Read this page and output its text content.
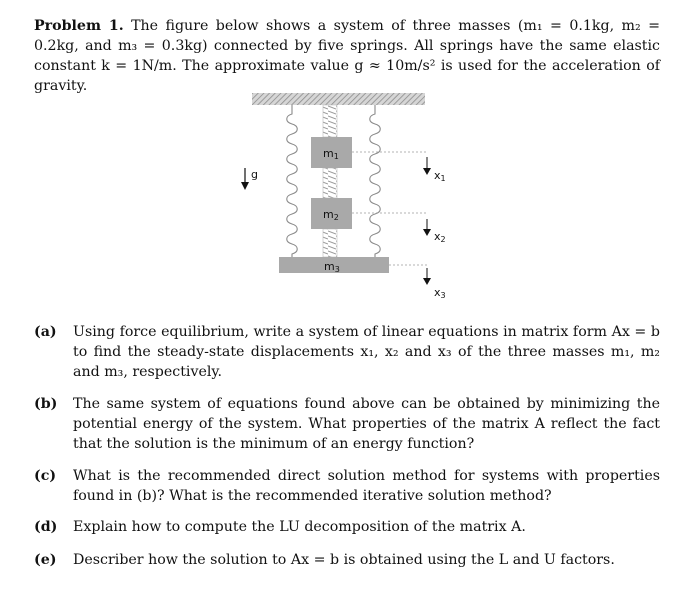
Problem 1. The figure below shows a system of three masses (m₁ = 0.1kg, m₂ = 0.2kg, and m₃ = 0.3kg) connected by five springs. All springs have the same elastic constant k = 1N/m. The approximate value g ≈ 10m/s² is used for the acceleration of gravity.
m1
m2
m3
x1
x2
x3
g
(a) Using force equilibrium, write a system of linear equations in matrix form Ax = b to find the steady-state displacements x₁, x₂ and x₃ of the three masses m₁, m₂ and m₃, respectively.
(b) The same system of equations found above can be obtained by minimizing the potential energy of the system. What properties of the matrix A reflect the fact that the solution is the minimum of an energy function?
(c) What is the recommended direct solution method for systems with properties found in (b)? What is the recommended iterative solution method?
(d) Explain how to compute the LU decomposition of the matrix A.
(e) Describer how the solution to Ax = b is obtained using the L and U factors.
